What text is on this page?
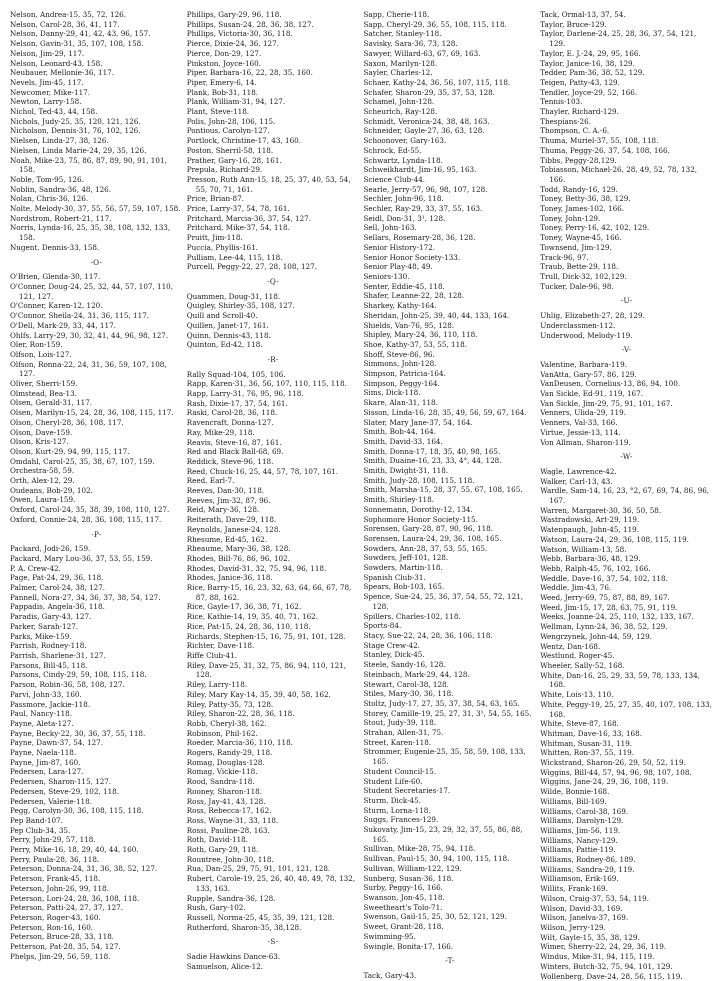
Nelson, Andrea-15, 35, 72, 126.
Nelson, Carol-28, 36, 41, 117.
Nelson, Danny-29, 41, 42, 43, 96, 157.
Nelson, Gavin-31, 35, 107, 108, 158.
Nelson, Jim-29, 117.
Nelson, Leonard-43, 158.
Neubauer, Mellonie-36, 117.
Nevels, Jim-45, 117.
Newcomer, Mike-117.
Newton, Larry-158.
Nichol, Ted-43, 44, 158.
Nichols, Judy-25, 35, 120, 121, 126.
Nicholson, Dennis-31, 76, 102, 126.
Nielsen, Linda-27, 38, 126.
Nielsen, Linda Marie-24, 29, 35, 126.
Noah, Mike-23, 75, 86, 87, 89, 90, 91, 101, 158.
Noble, Tom-95, 126.
Noblin, Sandra-36, 48, 126.
Nolan, Chris-36, 126.
Nolte, Melody-30, 37, 55, 56, 57, 59, 107, 158.
Nordstrom, Robert-21, 117.
Norris, Lynda-16, 25, 35, 38, 108, 132, 133, 158.
Nugent, Dennis-33, 158.
-O-
O'Brien, Glenda-30, 117.
O'Conner, Doug-24, 25, 32, 44, 57, 107, 110, 121, 127.
O'Conner, Karen-12, 120.
O'Connor, Sheila-24, 31, 36, 115, 117.
O'Dell, Mark-29, 33, 44, 117.
Ohlfs, Larry-29, 30, 32, 41, 44, 96, 98, 127.
Oler, Ron-159.
Olfson, Lois-127.
Olfson, Ronna-22, 24, 31, 36, 59, 107, 108, 127.
Oliver, Sherri-159.
Olmstead, Bea-13.
Olsen, Gerald-31, 117.
Olsen, Marilyn-15, 24, 28, 36, 108, 115, 117.
Olson, Cheryl-28, 36, 108, 117.
Olson, Dave-159.
Olson, Kris-127.
Olson, Kurt-29, 94, 99, 115, 117.
Omdahl, Carol-25, 35, 38, 67, 107, 159.
Orchestra-58, 59.
Orth, Alex-12, 29.
Oudeans, Bob-29, 102.
Owen, Laura-159.
Oxford, Carol-24, 35, 38, 39, 108, 110, 127.
Oxford, Connie-24, 28, 36, 108, 115, 117.
-P-
Packard, Jodi-26, 159.
Packard, Mary Lou-36, 37, 53, 55, 159.
P. A. Crew-42.
Page, Pat-24, 29, 36, 118.
Palmer, Carol-24, 38, 127.
Pannell, Nora-27, 34, 36, 37, 38, 54, 127.
Pappadis, Angela-36, 118.
Paradis, Gary-43, 127.
Parker, Sarah-127.
Parks, Mike-159.
Parrish, Rodney-118.
Parrish, Sharlene-31, 127.
Parsons, Bill-45, 118.
Parsons, Cindy-29, 59, 108, 115, 118.
Parson, Robin-36, 58, 108, 127.
Parvi, John-33, 160.
Passmore, Jackie-118.
Paul, Nancy-118.
Payne, Aleta-127.
Payne, Becky-22, 30, 36, 37, 55, 118.
Payne, Dawn-37, 54, 127.
Payne, Naela-118.
Payne, Jim-87, 160.
Pedersen, Lara-127.
Pedersen, Sharon-115, 127.
Pedersen, Steve-29, 102, 118.
Pedersen, Valerie-118.
Pegg, Carolyn-30, 36, 108, 115, 118.
Pep Band-107.
Pep Club-34, 35.
Perry, John-29, 57, 118.
Perry, Mike-16, 18, 29, 40, 44, 160.
Perry, Paula-28, 36, 118.
Peterson, Donna-24, 31, 36, 38, 52, 127.
Peterson, Frank-45, 118.
Peterson, John-26, 99, 118.
Peterson, Lori-24, 28, 36, 108, 118.
Peterson, Patti-24, 27, 37, 127.
Peterson, Roger-43, 160.
Peterson, Ron-16, 160.
Peterson, Bruce-28, 33, 118.
Petterson, Pat-28, 35, 54, 127.
Phelps, Jim-29, 56, 59, 118.
Phillips, Gary-29, 96, 118.
Phillips, Susan-24, 28, 36, 38, 127.
Phillips, Victoria-30, 36, 118.
Pierce, Dixie-24, 36, 127.
Pierce, Don-29, 127.
Pinkston, Joyce-160.
Piper, Barbara-16, 22, 28, 35, 160.
Piper, Emery-6, 14.
Plank, Bob-31, 118.
Plank, William-31, 94, 127.
Plant, Steve-118.
Polis, John-28, 106, 115.
Pontious, Carolyn-127.
Portlock, Christine-17, 43, 160.
Poston, Sherril-58, 118.
Prather, Gary-16, 28, 161.
Prepula, Richard-29.
Presson, Ruth Ann-15, 18, 25, 37, 40, 53, 54, 55, 70, 71, 161.
Price, Brian-87.
Price, Larry-37, 54, 78, 161.
Pritchard, Marcia-36, 37, 54, 127.
Pritchard, Mike-37, 54, 118.
Pruitt, Jim-118.
Puccia, Phyllis-161.
Pulliam, Lee-44, 115, 118.
Purcell, Peggy-22, 27, 28, 108, 127.
-Q-
Quammen, Doug-31, 118.
Quigley, Shirley-35, 108, 127.
Quill and Scroll-40.
Quillen, Janet-17, 161.
Quinn, Dennis-43, 118.
Quinton, Ed-42, 118.
-R-
Rally Squad-104, 105, 106.
Rapp, Karen-31, 36, 56, 107, 110, 115, 118.
Rapp, Larry-31, 76, 95, 96, 118.
Rash, Dixie-17, 37, 54, 161.
Raski, Carol-28, 36, 118.
Ravencraft, Donna-127.
Ray, Mike-29, 118.
Reavis, Steve-16, 87, 161.
Red and Black Ball-68, 69.
Reddick, Steve-96, 118.
Reed, Chuck-16, 25, 44, 57, 78, 107, 161.
Reed, Earl-7.
Reeves, Dan-30, 118.
Reeves, Jim-32, 87, 96.
Reid, Mary-36, 128.
Reiterath, Dave-29, 118.
Reynolds, Janese-24, 128.
Rhesume, Ed-45, 162.
Rheaume, Mary-36, 38, 128.
Rhodes, Bill-76, 86, 96, 102.
Rhodes, David-31, 32, 75, 94, 96, 118.
Rhodes, Janice-36, 118.
Rice, Barry-15, 16, 23, 32, 63, 64, 66, 67, 78, 87, 88, 162.
Rice, Gayle-17, 36, 38, 71, 162.
Rice, Kathie-14, 19, 35, 40, 71, 162.
Rice, Pat-15, 24, 28, 36, 110, 118.
Richards, Stephen-15, 16, 75, 91, 101, 128.
Richter, Dave-118.
Riffe Club-41.
Riley, Dave-25, 31, 32, 75, 86, 94, 110, 121, 128.
Riley, Larry-118.
Riley, Mary Kay-14, 35, 39, 40, 58, 162.
Riley, Patty-35, 73, 128.
Riley, Sharon-22, 28, 36, 118.
Robb, Cheryl-38, 162.
Robinson, Phil-162.
Roeder, Marcia-36, 110, 118.
Rogers, Randy-29, 118.
Romag, Douglas-128.
Romag, Vickie-118.
Rood, Sandra-118.
Rooney, Sharon-118.
Ross, Jay-41, 43, 128.
Ross, Rebecca-17, 162.
Ross, Wayne-31, 33, 118.
Rossi, Pauline-28, 163.
Roth, David-118.
Roth, Gary-29, 118.
Rountree, John-30, 118.
Rua, Dan-25, 29, 75, 91, 101, 121, 128.
Rubert, Carole-19, 25, 26, 40, 48, 49, 78, 132, 133, 163.
Rupple, Sandra-36, 128.
Rush, Gary-102.
Russell, Norma-25, 45, 35, 39, 121, 128.
Rutherford, Sharon-35, 38,128.
-S-
Sadie Hawkins Dance-63.
Samuelson, Alice-12.
Sapp, Cherie-118.
Sapp, Cheryl-29, 36, 55, 108, 115, 118.
Satcher, Stanley-118.
Savisky, Sara-36, 73, 128.
Sawyer, Willard-63, 67, 69, 163.
Saxon, Marilyn-128.
Sayler, Charles-12.
Schaer, Kathy-24, 36, 56, 107, 115, 118.
Schafer, Sharon-29, 35, 37, 53, 128.
Schamel, John-128.
Scheurich, Ray-128.
Schmidt, Veronica-24, 38, 48, 163.
Schneider, Gayle-27, 36, 63, 128.
Schoonover, Gary-163.
Schrock, Ed-55.
Schwartz, Lynda-118.
Schweikhardt, Jim-16, 95, 163.
Science Club-44.
Searle, Jerry-57, 96, 98, 107, 128.
Sechler, John-96, 118.
Sechler, Ray-29, 33, 37, 55, 163.
Seidl, Don-31, 3¹, 128.
Sell, John-163.
Sellars, Rosemary-28, 36, 128.
Senior History-172.
Senior Honor Society-133.
Senior Play-48, 49.
Seniors-130.
Senter, Eddie-45, 118.
Shafer, Leanne-22, 28, 128.
Sharkey, Kathy-164.
Sheridan, John-25, 39, 40, 44, 133, 164.
Shields, Van-76, 95, 128.
Shipley, Mary-24, 36, 110, 118.
Shoe, Kathy-37, 53, 55, 118.
Shoff, Steve-86, 96.
Simmons, John-128.
Simpson, Patricia-164.
Simpson, Peggy-164.
Sims, Dick-118.
Skare, Alan-31, 118.
Sisson, Linda-16, 28, 35, 49, 56, 59, 67, 164.
Slater, Mary Jane-37, 54, 164.
Smith, Bob-44, 164.
Smith, David-33, 164.
Smith, Donna-17, 18, 35, 40, 98, 165.
Smith, Duaine-16, 23, 33, 4°, 44, 128.
Smith, Dwight-31, 118.
Smith, Judy-28, 108, 115, 118.
Smith, Marsha-15, 28, 37, 55, 67, 108, 165.
Smith, Shirley-118.
Sonnemann, Dorothy-12, 134.
Sophomore Honor Society-115.
Sorensen, Gary-28, 87, 90, 96, 118.
Sorensen, Laura-24, 29, 36, 108, 165.
Sowders, Ann-28, 37, 53, 55, 165.
Sowders, Jeff-101, 128.
Sowders, Martin-118.
Spanish Club-31.
Spears, Bob-103, 165.
Spence, Sue-24, 25, 36, 37, 54, 55, 72, 121, 128.
Spillers, Charles-102, 118.
Sports-84.
Stacy, Sue-22, 24, 28, 36, 106, 118.
Stage Crew-42.
Stanley, Dick-45.
Steele, Sandy-16, 128.
Steinbach, Mark-29, 44, 128.
Stewart, Carol-38, 128.
Stiles, Mary-30, 36, 118.
Stoltz, Judy-17, 27, 35, 37, 38, 54, 63, 165.
Storey, Camille-19, 25, 27, 31, 3¹, 54, 55, 165.
Stout, Judy-39, 118.
Strahan, Allen-31, 75.
Street, Karen-118.
Strommer, Eugenie-25, 35, 58, 59, 108, 133, 165.
Student Council-15.
Student Life-60.
Student Secretaries-17.
Sturm, Dick-45.
Sturm, Lorna-118.
Suggs, Frances-129.
Sukovaty, Jim-15, 23, 29, 32, 37, 55, 86, 88, 165.
Sullivan, Mike-28, 75, 94, 118.
Sullivan, Paul-15, 30, 94, 100, 115, 118.
Sullivan, William-122, 129.
Sunberg, Susan-36, 118.
Surby, Peggy-16, 166.
Swanson, Jon-45, 118.
Sweetheart's Tolo-71.
Swenson, Gail-15, 25, 30, 52, 121, 129.
Sweet, Grant-28, 118.
Swimming-95.
Swingle, Bonita-17, 166.
-T-
Tack, Gary-43.
Tack, Ormal-13, 37, 54.
Taylor, Bruce-129.
Taylor, Darlene-24, 25, 28, 36, 37, 54, 121, 129.
Taylor, E. J.-24, 29, 95, 166.
Taylor, Janice-16, 38, 129.
Tedder, Pam-36, 38, 52, 129.
Teigen, Patty-43, 129.
Tendler, Joyce-29, 52, 166.
Tennis-103.
Thayler, Richard-129.
Thespians-26.
Thompson, C. A.-6.
Thuma, Muriel-37, 55, 108, 118.
Thuma, Peggy-26, 37, 54, 108, 166.
Tibbs, Peggy-28,129.
Tobiasson, Michael-26, 28, 49, 52, 78, 132, 166.
Todd, Randy-16, 129.
Toney, Betty-36, 38, 129.
Toney, James-102, 166.
Toney, John-129.
Toney, Perry-16, 42, 102, 129.
Toney, Wayne-45, 166.
Townsend, Jim-129.
Track-96, 97.
Traub, Bette-29, 118.
Trull, Dick-32, 102,129.
Tucker, Dale-96, 98.
-U-
Uhlig, Elizabeth-27, 28, 129.
Underclassmen-112.
Underwood, Melody-119.
-V-
Valentine, Barbara-119.
VanAtta, Gary-57, 86, 129.
VanDeusen, Cornelius-13, 86, 94, 100.
Van Sickle, Ed-91, 119, 167.
Van Sickle, Jim-29, 75, 91, 101, 167.
Venners, Ulida-29, 119.
Venners, Val-33, 166.
Virtue, Jessie-13, 114.
Von Allman, Sharon-119.
-W-
Wagle, Lawrence-42.
Walker, Carl-13, 43.
Wardle, Sam-14, 16, 23, °2, 67, 69, 74, 86, 96, 167.
Warren, Margaret-30, 36, 50, 58.
Wastradowski, Art-29, 119.
Watenpaugh, John-45, 119.
Watson, Laura-24, 29, 36, 108, 115, 119.
Watson, William-13, 58.
Webb, Barbara-36, 48, 129.
Webb, Ralph-45, 76, 102, 166.
Weddle, Dave-16, 37, 54, 102, 118.
Weddle, Jim-43, 76.
Weed, Jerry-69, 75, 87, 88, 89, 167.
Weed, Jim-15, 17, 28, 63, 75, 91, 119.
Weeks, Joanne-24, 25, 110, 132, 133, 167.
Wellman, Lynn-24, 36, 38, 52, 129.
Wengrzynek, John-44, 59, 129.
Wentz, Dan-168.
Westlund, Roger-45.
Wheeler, Sally-52, 168.
White, Dan-16, 25, 29, 33, 59, 78, 133, 134, 168.
White, Lois-13, 110.
White, Peggy-19, 25, 27, 35, 40, 107, 108, 133, 168.
White, Steve-87, 168.
Whitman, Dave-16, 33, 168.
Whitman, Susan-31, 119.
Whitten, Ron-37, 55, 119.
Wickstrand, Sharon-26, 29, 50, 52, 119.
Wiggins, Bill-44, 57, 94, 96, 98, 107, 108.
Wiggins, Jane-24, 29, 36, 108, 119.
Wilde, Bonnie-168.
Williams, Bill-169.
Williams, Carol-38, 169.
Williams, Darolyn-129.
Williams, Jim-56, 119.
Williams, Nancy-129.
Williams, Pattie-119.
Williams, Rodney-86, 189.
Williams, Sandra-29, 119.
Williamson, Erik-169.
Willits, Frank-169.
Wilson, Craig-37, 53, 54, 119.
Wilson, David-33, 169.
Wilson, Janelva-37, 169.
Wilson, Jerry-129.
Wilt, Gayle-15, 35, 38, 129.
Wimer, Sherry-22, 24, 29, 36, 119.
Windus, Mike-31, 94, 115, 119.
Winters, Butch-32, 75, 94, 101, 129.
Wollenberg, Dave-24, 28, 56, 115, 119.
